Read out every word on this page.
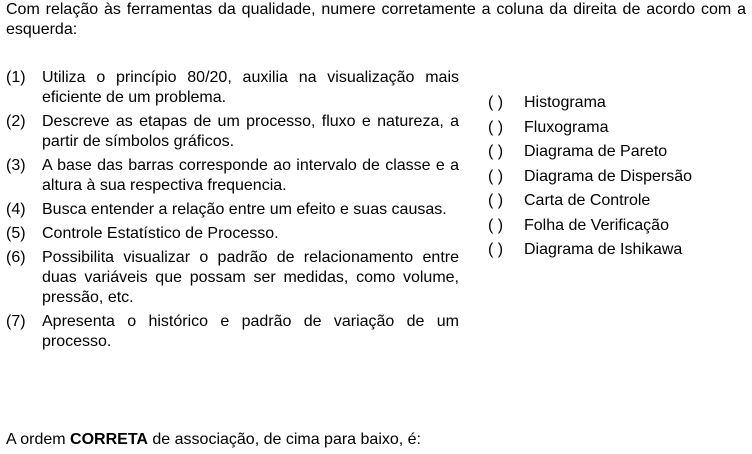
Com relação às ferramentas da qualidade, numere corretamente a coluna da direita de acordo com a esquerda:
(1)	Utiliza o princípio 80/20, auxilia na visualização mais eficiente de um problema.
(2)	Descreve as etapas de um processo, fluxo e natureza, a partir de símbolos gráficos.
(3)	A base das barras corresponde ao intervalo de classe e a altura à sua respectiva frequencia.
(4)	Busca entender a relação entre um efeito e suas causas.
(5)	Controle Estatístico de Processo.
(6)	Possibilita visualizar o padrão de relacionamento entre duas variáveis que possam ser medidas, como volume, pressão, etc.
(7)	Apresenta o histórico e padrão de variação de um processo.
( ) Histograma
( ) Fluxograma
( ) Diagrama de Pareto
( ) Diagrama de Dispersão
( ) Carta de Controle
( ) Folha de Verificação
( ) Diagrama de Ishikawa
A ordem CORRETA de associação, de cima para baixo, é:
